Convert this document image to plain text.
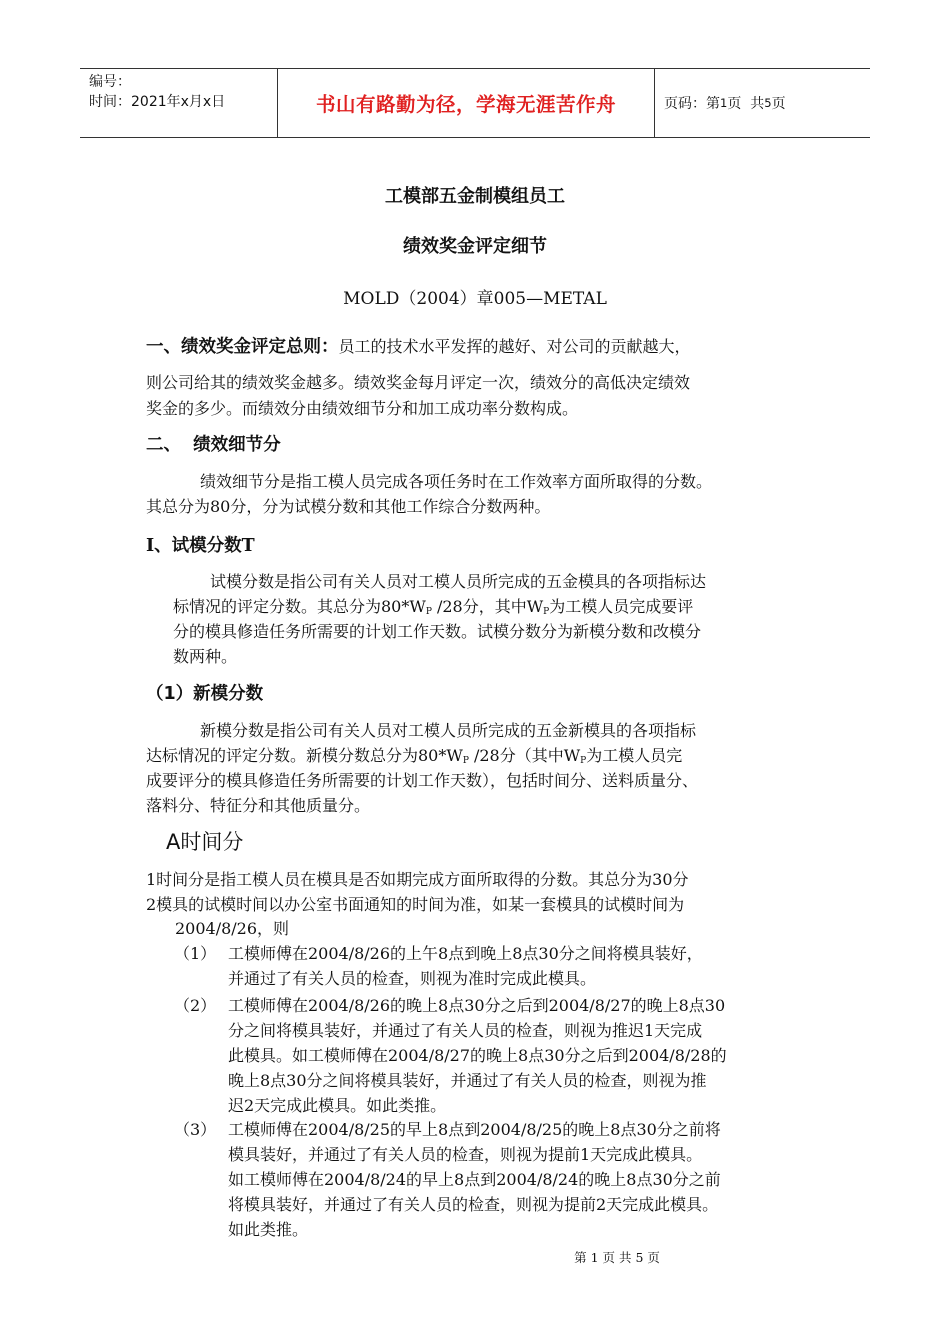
编号：
时间：2021年x月x日	书山有路勤为径，学海无涯苦作舟	页码：第 1 页  共 5 页
工模部五金制模组员工
绩效奖金评定细节
MOLD（2004）章005—METAL
一、绩效奖金评定总则：员工的技术水平发挥的越好、对公司的贡献越大，
则公司给其的绩效奖金越多。绩效奖金每月评定一次，绩效分的高低决定绩效
奖金的多少。而绩效分由绩效细节分和加工成功率分数构成。
二、  绩效细节分
绩效细节分是指工模人员完成各项任务时在工作效率方面所取得的分数。
其总分为80分，分为试模分数和其他工作综合分数两种。
I、试模分数T
试模分数是指公司有关人员对工模人员所完成的五金模具的各项指标达
标情况的评定分数。其总分为$80*W_P$ /28分，其中$W_P$为工模人员完成要评
分的模具修造任务所需要的计划工作天数。试模分数分为新模分数和改模分
数两种。
（1）新模分数
新模分数是指公司有关人员对工模人员所完成的五金新模具的各项指标
达标情况的评定分数。新模分数总分为$80*W_P$ /28分（其中$W_P$为工模人员完
成要评分的模具修造任务所需要的计划工作天数），包括时间分、送料质量分、
落料分、特征分和其他质量分。
A时间分
1时间分是指工模人员在模具是否如期完成方面所取得的分数。其总分为30分
2模具的试模时间以办公室书面通知的时间为准，如某一套模具的试模时间为
2004/8/26，则
（1） 工模师傅在2004/8/26的上午8点到晚上8点30分之间将模具装好，
并通过了有关人员的检查，则视为准时完成此模具。
（2） 工模师傅在2004/8/26的晚上8点30分之后到2004/8/27的晚上8点30
分之间将模具装好，并通过了有关人员的检查，则视为推迟1天完成
此模具。如工模师傅在2004/8/27的晚上8点30分之后到2004/8/28的
晚上8点30分之间将模具装好，并通过了有关人员的检查，则视为推
迟2天完成此模具。如此类推。
（3） 工模师傅在2004/8/25的早上8点到2004/8/25的晚上8点30分之前将
模具装好，并通过了有关人员的检查，则视为提前1天完成此模具。
如工模师傅在2004/8/24的早上8点到2004/8/24的晚上8点30分之前
将模具装好，并通过了有关人员的检查，则视为提前2天完成此模具。
如此类推。
第 1 页 共 5 页
